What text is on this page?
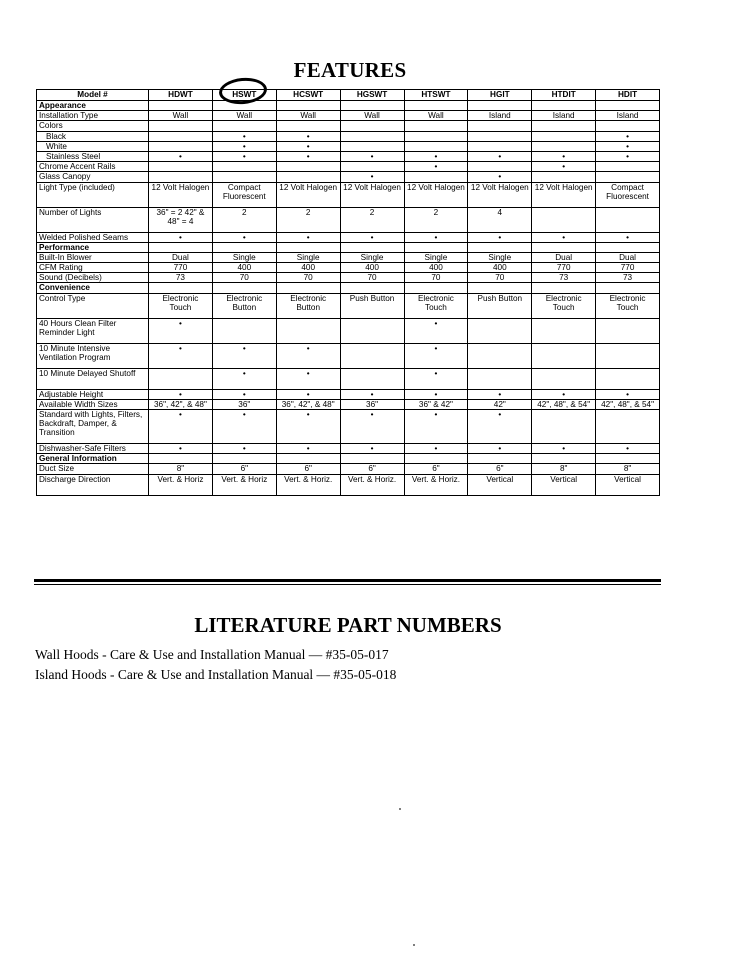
FEATURES
Model #	HDWT	HSWT	HCSWT	HGSWT	HTSWT	HGIT	HTDIT	HDIT
Appearance								
Installation Type	Wall	Wall	Wall	Wall	Wall	Island	Island	Island
Colors								
Black		•	•					•
White		•	•					•
Stainless Steel	•	•	•	•	•	•	•	•
Chrome Accent Rails					•		•	
Glass Canopy				•		•		
Light Type (included)	12 Volt Halogen	Compact Fluorescent	12 Volt Halogen	12 Volt Halogen	12 Volt Halogen	12 Volt Halogen	12 Volt Halogen	Compact Fluorescent
Number of Lights	36" = 2 42" & 48" = 4	2	2	2	2	4		
Welded Polished Seams	•	•	•	•	•	•	•	•
Performance								
Built-In Blower	Dual	Single	Single	Single	Single	Single	Dual	Dual
CFM Rating	770	400	400	400	400	400	770	770
Sound (Decibels)	73	70	70	70	70	70	73	73
Convenience								
Control Type	Electronic Touch	Electronic Button	Electronic Button	Push Button	Electronic Touch	Push Button	Electronic Touch	Electronic Touch
40 Hours Clean Filter Reminder Light	•				•			
10 Minute Intensive Ventilation Program	•	•	•		•			
10 Minute Delayed Shutoff		•	•		•			
Adjustable Height	•	•	•	•	•	•	•	•
Available Width Sizes	36", 42", & 48"	36"	36", 42", & 48"	36"	36" & 42"	42"	42", 48", & 54"	42", 48", & 54"
Standard with Lights, Filters, Backdraft, Damper, & Transition	•	•	•	•	•	•		
Dishwasher-Safe Filters	•	•	•	•	•	•	•	•
General Information								
Duct Size	8"	6"	6"	6"	6"	6"	8"	8"
Discharge Direction	Vert. & Horiz	Vert. & Horiz	Vert. & Horiz.	Vert. & Horiz.	Vert. & Horiz.	Vertical	Vertical	Vertical
LITERATURE PART NUMBERS
Wall Hoods - Care & Use and Installation Manual — #35-05-017
Island Hoods - Care & Use and Installation Manual — #35-05-018
